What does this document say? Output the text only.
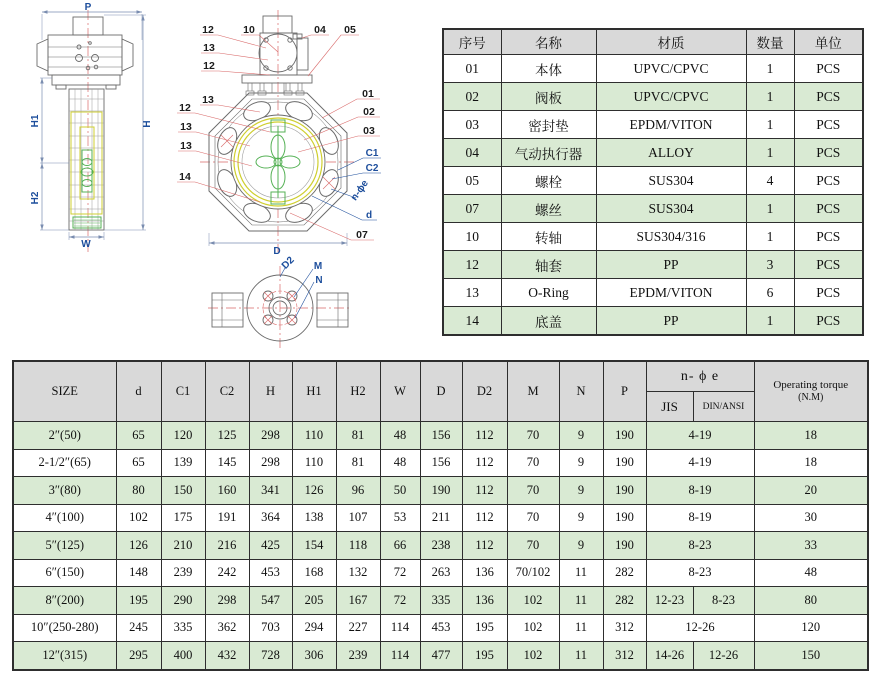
P
H
H1
H2
W
D
12
13
12
10	04 05
13
12
13
13
14
01
02
03
07
C1
C2
n-ϕe
d
D2 M
N
序号	名称	材质	数量	单位
01	本体	UPVC/CPVC	1	PCS
02	阀板	UPVC/CPVC	1	PCS
03	密封垫	EPDM/VITON	1	PCS
04	气动执行器	ALLOY	1	PCS
05	螺栓	SUS304	4	PCS
07	螺丝	SUS304	1	PCS
10	转轴	SUS304/316	1	PCS
12	轴套	PP	3	PCS
13	O-Ring	EPDM/VITON	6	PCS
14	底盖	PP	1	PCS
SIZE	d	C1	C2	H	H1	H2	W	D	D2	M	N	P	n- ϕ e		Operating torque
(N.M)

													JIS	DIN/ANSI	
2″(50)	65	120	125	298	110	81	48	156	112	70	9	190	4-19		18
2-1/2″(65)	65	139	145	298	110	81	48	156	112	70	9	190	4-19		18
3″(80)	80	150	160	341	126	96	50	190	112	70	9	190	8-19		20
4″(100)	102	175	191	364	138	107	53	211	112	70	9	190	8-19		30
5″(125)	126	210	216	425	154	118	66	238	112	70	9	190	8-23		33
6″(150)	148	239	242	453	168	132	72	263	136	70/102	11	282	8-23		48
8″(200)	195	290	298	547	205	167	72	335	136	102	11	282	12-23	8-23	80
10″(250-280)	245	335	362	703	294	227	114	453	195	102	11	312	12-26		120
12″(315)	295	400	432	728	306	239	114	477	195	102	11	312	14-26	12-26	150
